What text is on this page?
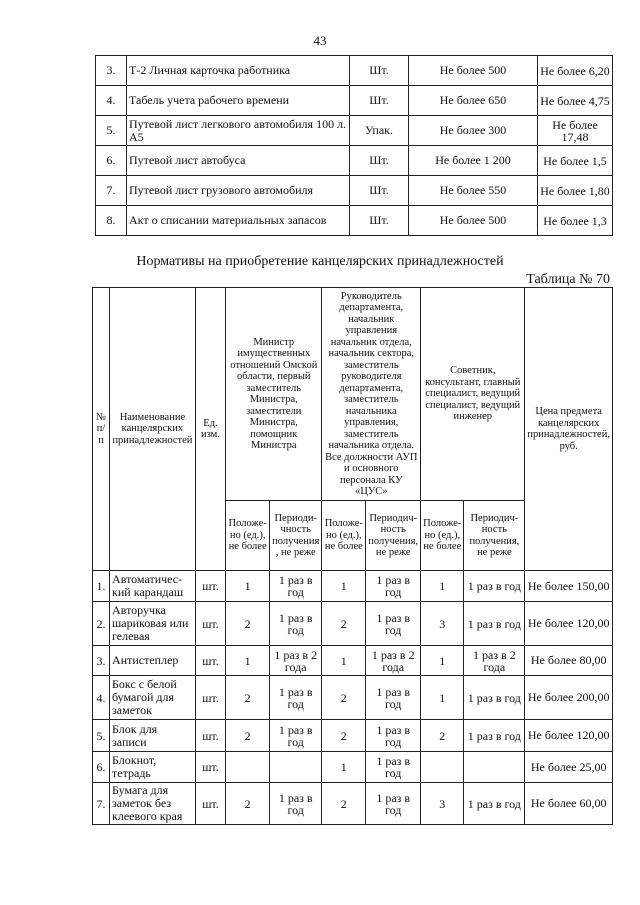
43
3.	Т-2 Личная карточка работника	Шт.	Не более 500	Не более 6,20
4.	Табель учета рабочего времени	Шт.	Не более 650	Не более 4,75
5.	Путевой лист легкового автомобиля 100 л. А5	Упак.	Не более 300	Не более 17,48
6.	Путевой лист автобуса	Шт.	Не более 1 200	Не более 1,5
7.	Путевой лист грузового автомобиля	Шт.	Не более 550	Не более 1,80
8.	Акт о списании материальных запасов	Шт.	Не более 500	Не более 1,3
Нормативы на приобретение канцелярских принадлежностей
Таблица № 70
№ п/п	Наименование канцелярских принадлежностей	Ед. изм.	Министр имущественных отношений Омской области, первый заместитель Министра, заместители Министра, помощник Министра		Руководитель департамента, начальник управления начальник отдела, начальник сектора, заместитель руководителя департамента, заместитель начальника управления, заместитель начальника отдела. Все должности АУП и основного персонала КУ «ЦУС»		Советник, консультант, главный специалист, ведущий специалист, ведущий инженер		Цена предмета канцелярских принадлежностей, руб.
			Положе-но (ед.), не более	Периоди-чность получения , не реже	Положе-но (ед.), не более	Периодич-ность получения, не реже	Положе-но (ед.), не более	Периодич-ность получения, не реже	
1.	Автоматичес-кий карандаш	шт.	1	1 раз в год	1	1 раз в год	1	1 раз в год	Не более 150,00
2.	Авторучка шариковая или гелевая	шт.	2	1 раз в год	2	1 раз в год	3	1 раз в год	Не более 120,00
3.	Антистеплер	шт.	1	1 раз в 2 года	1	1 раз в 2 года	1	1 раз в 2 года	Не более 80,00
4.	Бокс с белой бумагой для заметок	шт.	2	1 раз в год	2	1 раз в год	1	1 раз в год	Не более 200,00
5.	Блок для записи	шт.	2	1 раз в год	2	1 раз в год	2	1 раз в год	Не более 120,00
6.	Блокнот, тетрадь	шт.			1	1 раз в год			Не более 25,00
7.	Бумага для заметок без клеевого края	шт.	2	1 раз в год	2	1 раз в год	3	1 раз в год	Не более 60,00
